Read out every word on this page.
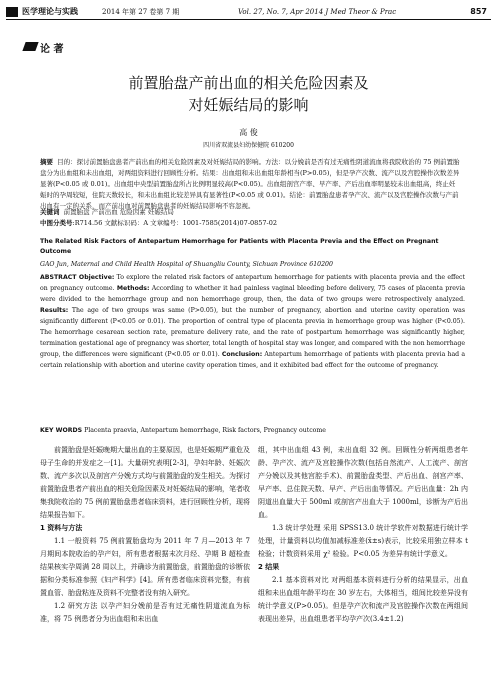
医学理论与实践	2014 年第 27 卷第 7 期	Vol. 27, No. 7, Apr 2014 J Med Theor & Prac	857
论 著
前置胎盘产前出血的相关危险因素及
对妊娠结局的影响
高 俊
四川省双流县妇幼保健院 610200
摘要 目的：探讨前置胎盘患者产前出血的相关危险因素及对妊娠结局的影响。方法：以分娩前是否有过无痛性阴道流血将我院收治的 75 例前置胎盘分为出血组和未出血组，对两组资料进行回顾性分析。结果：出血组和未出血组年龄相当(P>0.05)，但是孕产次数、流产以及宫腔操作次数差异显著(P<0.05 或 0.01)。出血组中央型前置胎盘所占比例明显较高(P<0.05)。出血组剖宫产率、早产率、产后出血率明显较未出血组高，终止妊娠时的孕周较短，住院天数较长，和未出血组比较差异具有显著性(P<0.05 或 0.01)。结论：前置胎盘患者孕产次、流产以及宫腔操作次数与产前出血有一定的关系，而产前出血对前置胎盘患者的妊娠结局影响不容忽视。
关键词 前置胎盘 产前出血 危险因素 妊娠结局
中图分类号:R714.56 文献标识码：A 文章编号：1001-7585(2014)07-0857-02
The Related Risk Factors of Antepartum Hemorrhage for Patients with Placenta Previa and the Effect on Pregnant Outcome
GAO Jun, Maternal and Child Health Hospital of Shuangliu County, Sichuan Province 610200
ABSTRACT Objective: To explore the related risk factors of antepartum hemorrhage for patients with placenta previa and the effect on pregnancy outcome. Methods: According to whether it had painless vaginal bleeding before delivery, 75 cases of placenta previa were divided to the hemorrhage group and non hemorrhage group, then, the data of two groups were retrospectively analyzed. Results: The age of two groups was same (P>0.05), but the number of pregnancy, abortion and uterine cavity operation was significantly different (P<0.05 or 0.01). The proportion of central type of placenta previa in hemorrhage group was higher (P<0.05). The hemorrhage cesarean section rate, premature delivery rate, and the rate of postpartum hemorrhage was significantly higher, termination gestational age of pregnancy was shorter, total length of hospital stay was longer, and compared with the non hemorrhage group, the differences were significant (P<0.05 or 0.01). Conclusion: Antepartum hemorrhage of patients with placenta previa had a certain relationship with abortion and uterine cavity operation times, and it exhibited bad effect for the outcome of pregnancy.
KEY WORDS Placenta praevia, Antepartum hemorrhage, Risk factors, Pregnancy outcome

前置胎盘是妊娠晚期大量出血的主要原因，也是妊娠期严重危及母子生命的并发症之一[1]。大量研究表明[2-3]，孕妇年龄、妊娠次数、流产多次以及剖宫产分娩方式均与前置胎盘的发生相关。为探讨前置胎盘患者产前出血的相关危险因素及对妊娠结局的影响，笔者收集我院收治的 75 例前置胎盘患者临床资料，进行回顾性分析，现将结果报告如下。

1 资料与方法

1.1 一般资料 75 例前置胎盘均为 2011 年 7 月—2013 年 7 月期间本院收治的孕产妇，所有患者根据末次月经、孕期 B 超检查结果核实孕周满 28 周以上，并确诊为前置胎盘，前置胎盘的诊断依据和分类标准参照《妇产科学》[4]。所有患者临床资料完整，有前置血管、胎盘粘连及资料不完整者没有纳入研究。

1.2 研究方法 以孕产妇分娩前是否有过无痛性阴道流血为标准，将 75 例患者分为出血组和未出血

组，其中出血组 43 例，未出血组 32 例。回顾性分析两组患者年龄、孕产次、流产及宫腔操作次数(包括自然流产、人工流产、剖宫产分娩以及其他宫腔手术)、前置胎盘类型、产后出血、剖宫产率、早产率、总住院天数、早产、产后出血等情况。产后出血量：2h 内阴道出血量大于 500ml 或剖宫产出血大于 1000ml，诊断为产后出血。

1.3 统计学处理 采用 SPSS13.0 统计学软件对数据进行统计学处理，计量资料以均值加减标准差(x̄±s)表示，比较采用独立样本 t 检验；计数资料采用 χ² 检验。P<0.05 为差异有统计学意义。

2 结果

2.1 基本资料对比 对两组基本资料进行分析的结果显示，出血组和未出血组年龄平均在 30 岁左右，大体相当，组间比较差异没有统计学意义(P>0.05)。但是孕产次和流产及宫腔操作次数在两组间表现出差异，出血组患者平均孕产次(3.4±1.2)
